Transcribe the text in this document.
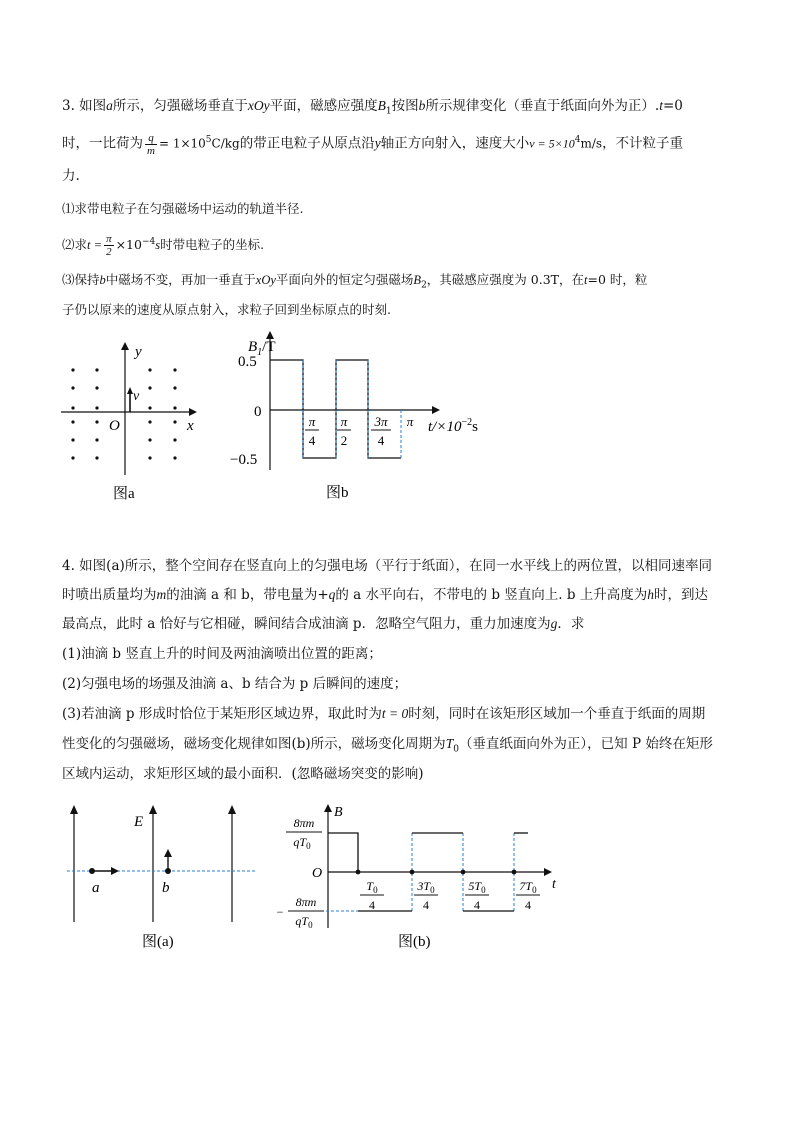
3. 如图a所示，匀强磁场垂直于xOy平面，磁感应强度$B_1$按图b所示规律变化（垂直于纸面向外为正）.t=0
时，一比荷为 $\frac{q}{m} = 1\times 10^5C/kg$的带正电粒子从原点沿y轴正方向射入，速度大小$v = 5\times 10^4m/s$，不计粒子重
力.
⑴求带电粒子在匀强磁场中运动的轨道半径.
⑵求$t = \frac{\pi}{2} \times 10^{-4}s$时带电粒子的坐标.
⑶保持b中磁场不变，再加一垂直于xOy平面向外的恒定匀强磁场$B_2$，其磁感应强度为 0.3T，在t=0 时，粒
子仍以原来的速度从原点射入，求粒子回到坐标原点的时刻.
y
v
O	x
图a
$B_1/T$
0.5
0
−0.5
π
4
π
2
3π
4
π $t/\times 10^{-2}s$
图b
4. 如图(a)所示，整个空间存在竖直向上的匀强电场（平行于纸面），在同一水平线上的两位置，以相同速率同
时喷出质量均为m的油滴 a 和 b，带电量为+q的 a 水平向右，不带电的 b 竖直向上. b 上升高度为h时，到达
最高点，此时 a 恰好与它相碰，瞬间结合成油滴 p．忽略空气阻力，重力加速度为g．求
(1)油滴 b 竖直上升的时间及两油滴喷出位置的距离；
(2)匀强电场的场强及油滴 a、b 结合为 p 后瞬间的速度；
(3)若油滴 p 形成时恰位于某矩形区域边界，取此时为t = 0时刻，同时在该矩形区域加一个垂直于纸面的周期
性变化的匀强磁场，磁场变化规律如图(b)所示，磁场变化周期为$T_0$（垂直纸面向外为正），已知 P 始终在矩形
区域内运动，求矩形区域的最小面积．(忽略磁场突变的影响)
E
a	b
图(a)
B
8πm
$qT_0$
O
−
8πm
$qT_0$
t
$T_0$
4
$3T_0$
4
$5T_0$
4
$7T_0$
4
图(b)
